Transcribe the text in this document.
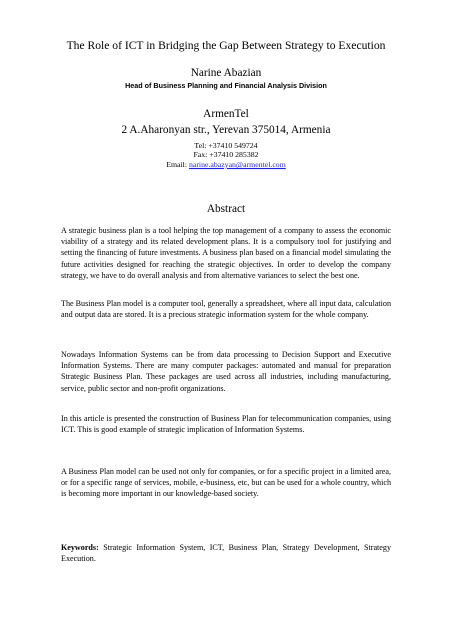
The Role of ICT in Bridging the Gap Between Strategy to Execution
Narine Abazian
Head of Business Planning and Financial Analysis Division
ArmenTel
2 A.Aharonyan str., Yerevan 375014, Armenia
Tel: +37410 549724
Fax: +37410 285382
Email: narine.abazyan@armentel.com
Abstract

A strategic business plan is a tool helping the top management of a company to assess the economic viability of a strategy and its related development plans. It is a compulsory tool for justifying and setting the financing of future investments. A business plan based on a financial model simulating the future activities designed for reaching the strategic objectives. In order to develop the company strategy, we have to do overall analysis and from alternative variances to select the best one.

The Business Plan model is a computer tool, generally a spreadsheet, where all input data, calculation and output data are stored. It is a precious strategic information system for the whole company.

Nowadays Information Systems can be from data processing to Decision Support and Executive Information Systems. There are many computer packages: automated and manual for preparation Strategic Business Plan. These packages are used across all industries, including manufacturing, service, public sector and non-profit organizations.

In this article is presented the construction of Business Plan for telecommunication companies, using ICT. This is good example of strategic implication of Information Systems.

A Business Plan model can be used not only for companies, or for a specific project in a limited area, or for a specific range of services, mobile, e-business, etc, but can be used for a whole country, which is becoming more important in our knowledge-based society.

Keywords: Strategic Information System, ICT, Business Plan, Strategy Development, Strategy Execution.
